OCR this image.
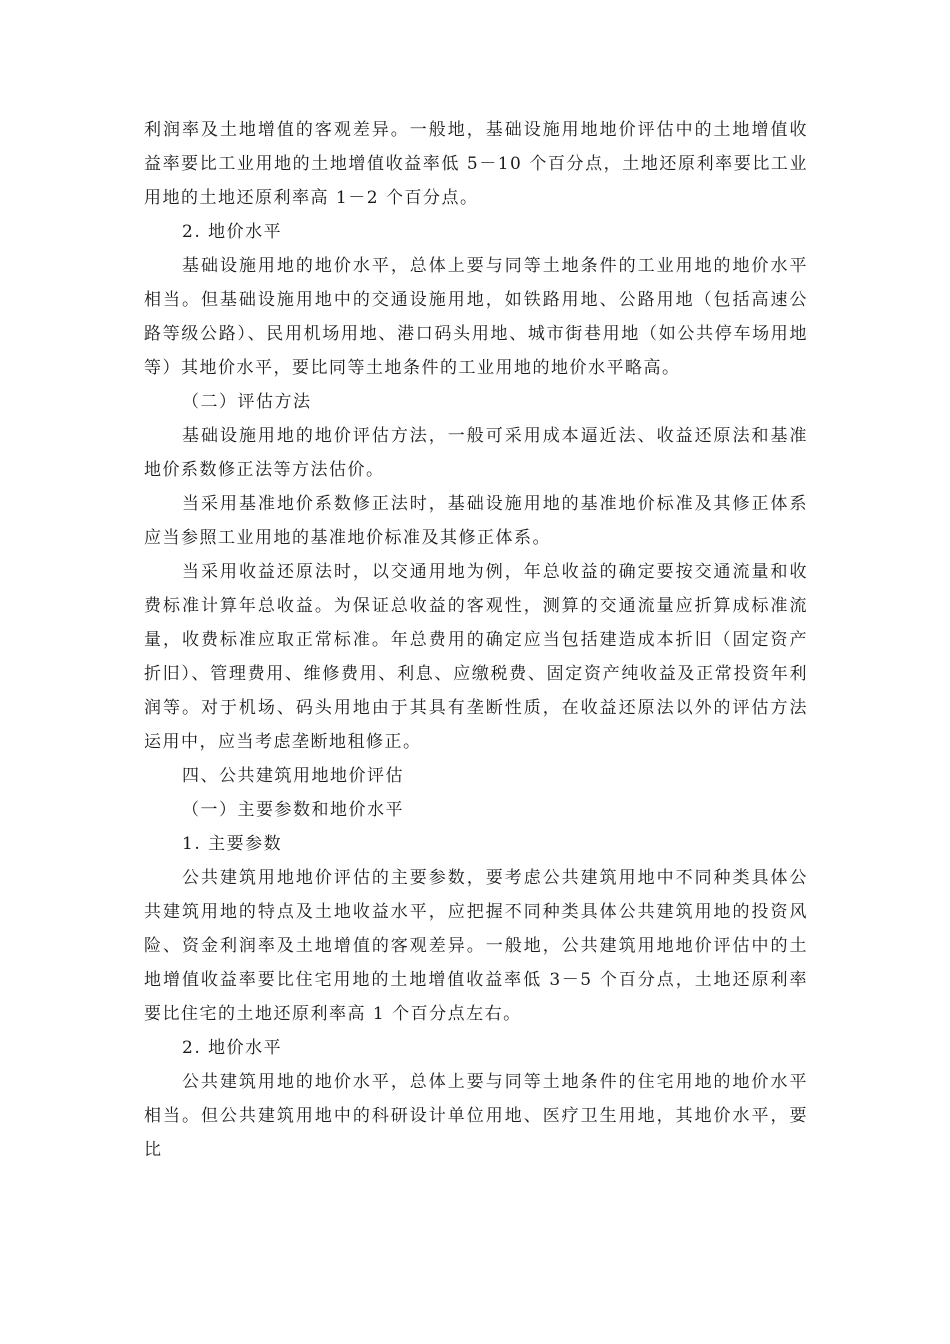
利润率及土地增值的客观差异。一般地，基础设施用地地价评估中的土地增值收益率要比工业用地的土地增值收益率低 5－10 个百分点，土地还原利率要比工业用地的土地还原利率高 1－2 个百分点。

2. 地价水平

基础设施用地的地价水平，总体上要与同等土地条件的工业用地的地价水平相当。但基础设施用地中的交通设施用地，如铁路用地、公路用地（包括高速公路等级公路）、民用机场用地、港口码头用地、城市街巷用地（如公共停车场用地等）其地价水平，要比同等土地条件的工业用地的地价水平略高。

（二）评估方法

基础设施用地的地价评估方法，一般可采用成本逼近法、收益还原法和基准地价系数修正法等方法估价。

当采用基准地价系数修正法时，基础设施用地的基准地价标准及其修正体系应当参照工业用地的基准地价标准及其修正体系。

当采用收益还原法时，以交通用地为例，年总收益的确定要按交通流量和收费标准计算年总收益。为保证总收益的客观性，测算的交通流量应折算成标准流量，收费标准应取正常标准。年总费用的确定应当包括建造成本折旧（固定资产折旧）、管理费用、维修费用、利息、应缴税费、固定资产纯收益及正常投资年利润等。对于机场、码头用地由于其具有垄断性质，在收益还原法以外的评估方法运用中，应当考虑垄断地租修正。

四、公共建筑用地地价评估

（一）主要参数和地价水平

1. 主要参数

公共建筑用地地价评估的主要参数，要考虑公共建筑用地中不同种类具体公共建筑用地的特点及土地收益水平，应把握不同种类具体公共建筑用地的投资风险、资金利润率及土地增值的客观差异。一般地，公共建筑用地地价评估中的土地增值收益率要比住宅用地的土地增值收益率低 3－5 个百分点，土地还原利率要比住宅的土地还原利率高 1 个百分点左右。

2. 地价水平

公共建筑用地的地价水平，总体上要与同等土地条件的住宅用地的地价水平相当。但公共建筑用地中的科研设计单位用地、医疗卫生用地，其地价水平，要比
